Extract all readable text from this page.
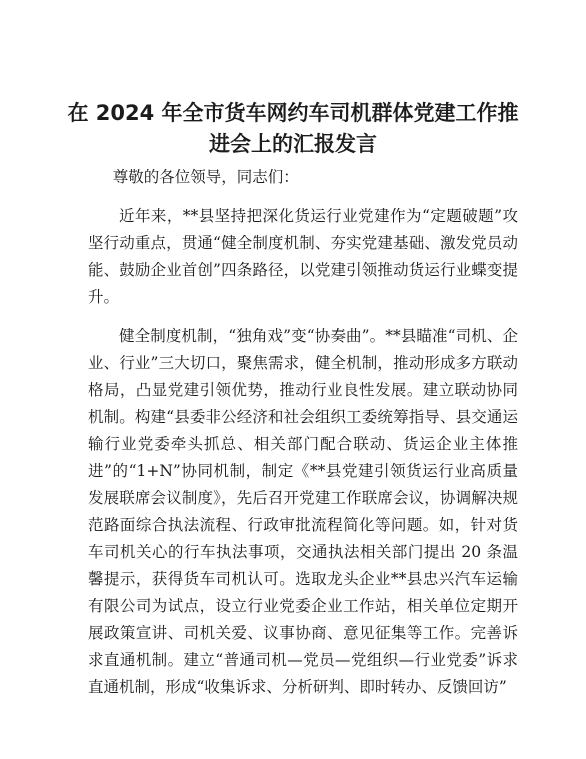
在 2024 年全市货车网约车司机群体党建工作推进会上的汇报发言

尊敬的各位领导，同志们：

近年来，**县坚持把深化货运行业党建作为“定题破题”攻坚行动重点，贯通“健全制度机制、夯实党建基础、激发党员动能、鼓励企业首创”四条路径，以党建引领推动货运行业蝶变提升。

健全制度机制，“独角戏”变“协奏曲”。**县瞄准“司机、企业、行业”三大切口，聚焦需求，健全机制，推动形成多方联动格局，凸显党建引领优势，推动行业良性发展。建立联动协同机制。构建“县委非公经济和社会组织工委统筹指导、县交通运输行业党委牵头抓总、相关部门配合联动、货运企业主体推进”的“1+N”协同机制，制定《**县党建引领货运行业高质量发展联席会议制度》，先后召开党建工作联席会议，协调解决规范路面综合执法流程、行政审批流程简化等问题。如，针对货车司机关心的行车执法事项，交通执法相关部门提出 20 条温馨提示，获得货车司机认可。选取龙头企业**县忠兴汽车运输有限公司为试点，设立行业党委企业工作站，相关单位定期开展政策宣讲、司机关爱、议事协商、意见征集等工作。完善诉求直通机制。建立“普通司机—党员—党组织—行业党委”诉求直通机制，形成“收集诉求、分析研判、即时转办、反馈回访”
